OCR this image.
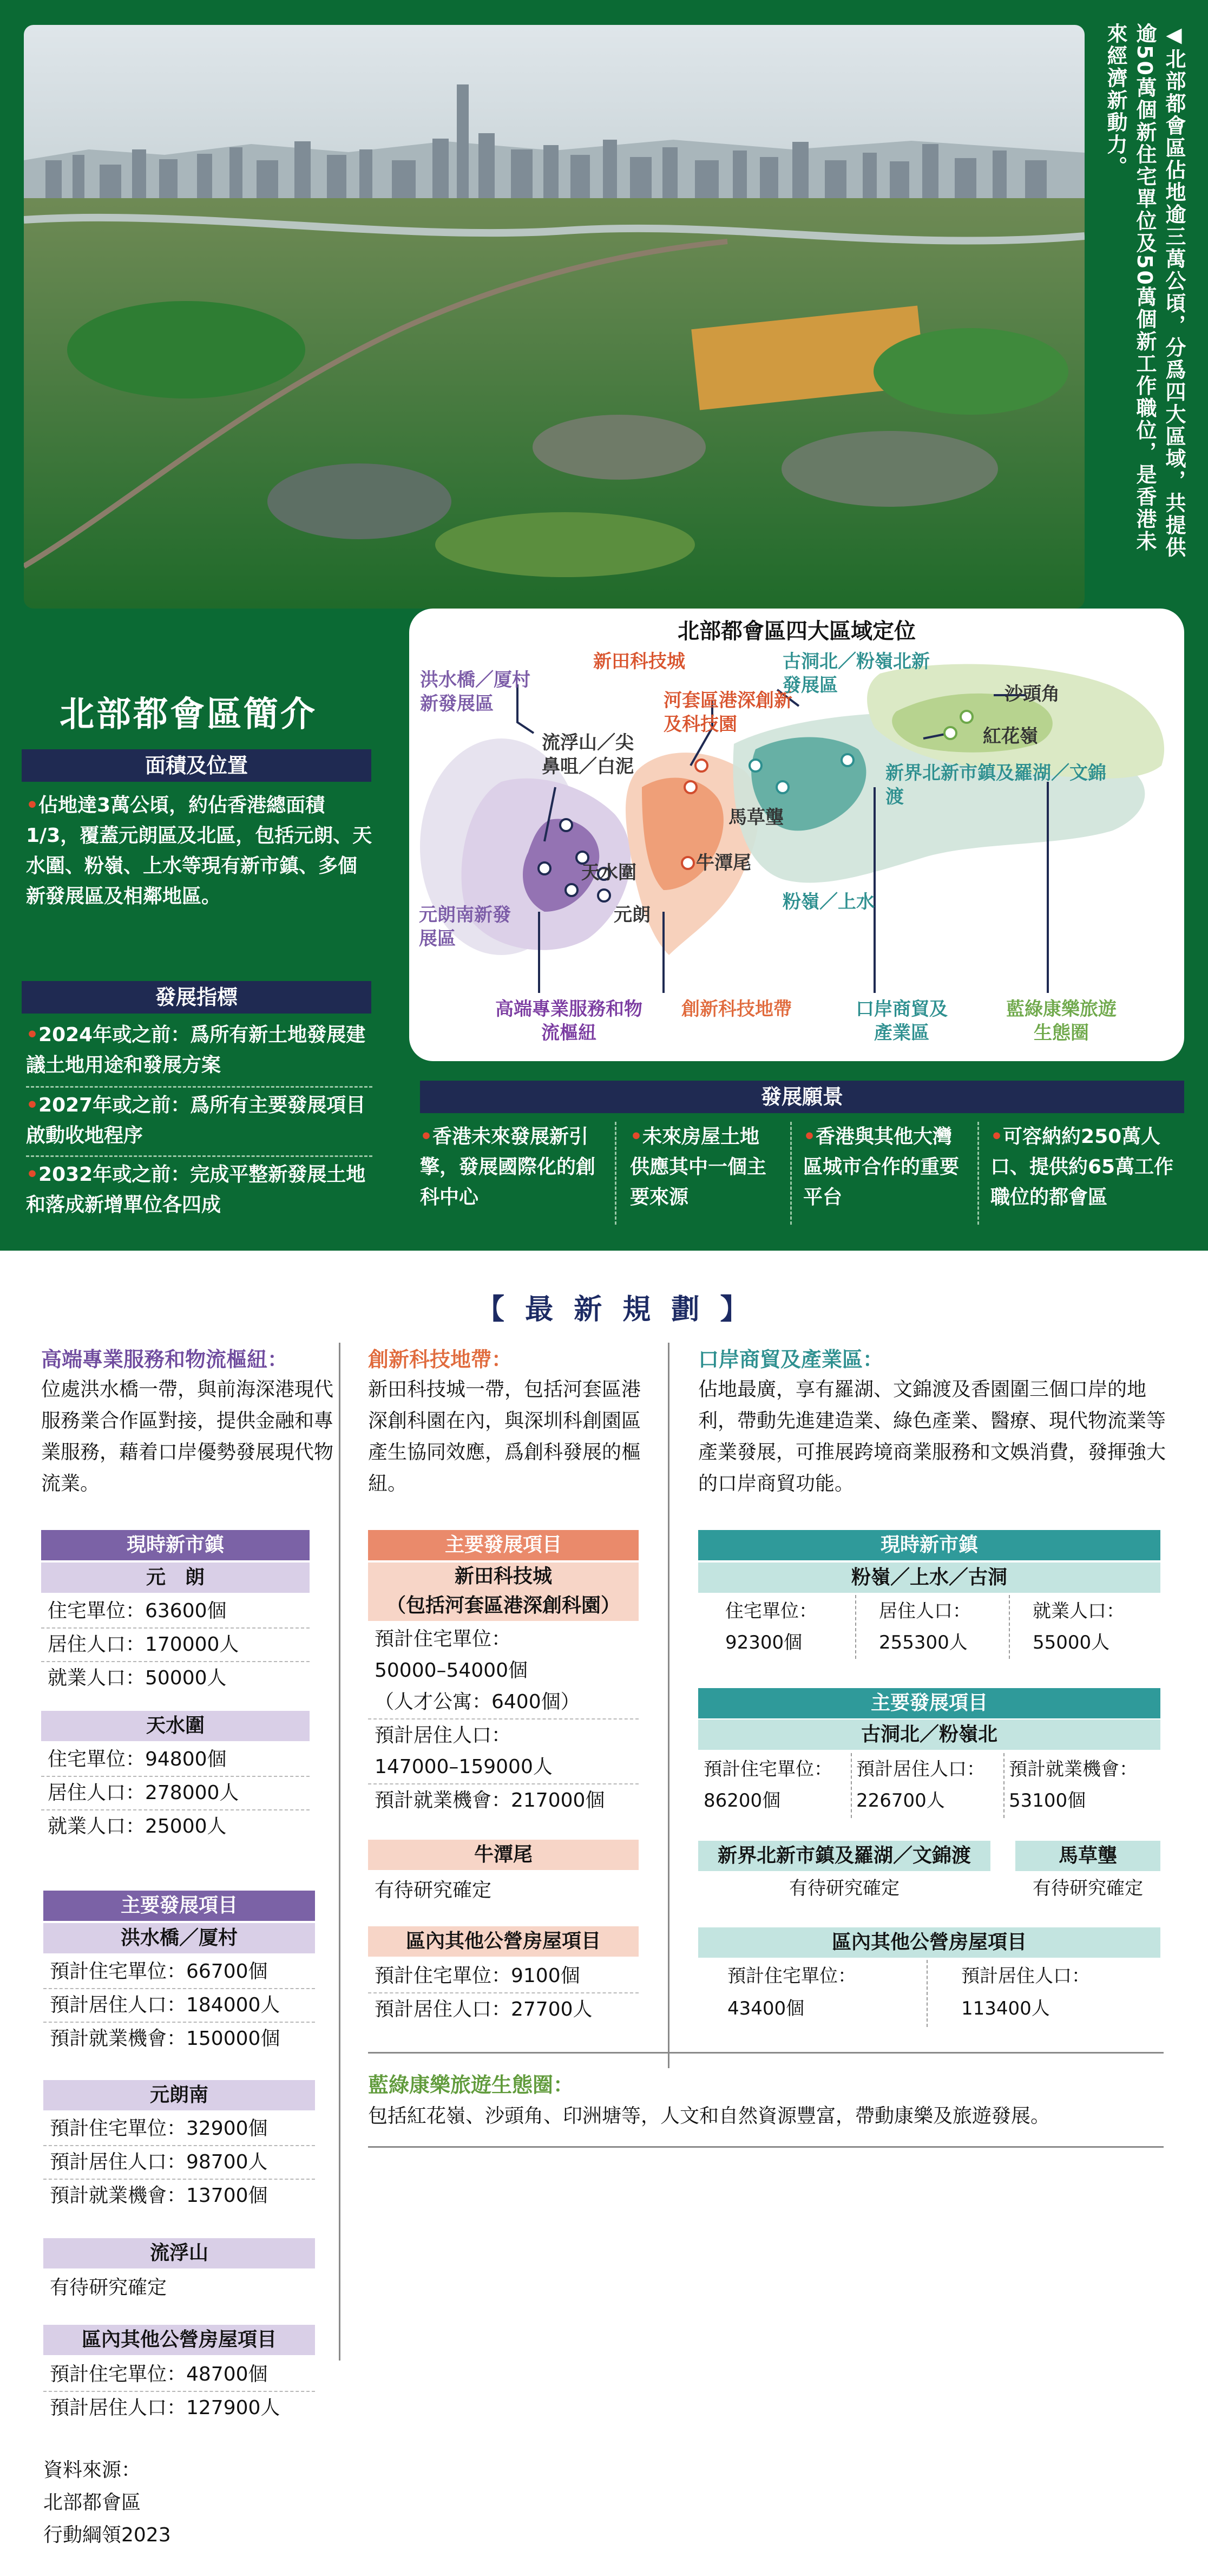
◀北部都會區佔地逾三萬公頃，分爲四大區域，共提供逾50萬個新住宅單位及50萬個新工作職位，是香港未來經濟新動力。
北部都會區簡介
面積及位置
•佔地達3萬公頃，約佔香港總面積1/3，覆蓋元朗區及北區，包括元朗、天水圍、粉嶺、上水等現有新市鎮、多個新發展區及相鄰地區。
發展指標
•2024年或之前：爲所有新土地發展建議土地用途和發展方案
•2027年或之前：爲所有主要發展項目啟動收地程序
•2032年或之前：完成平整新發展土地和落成新增單位各四成
北部都會區四大區域定位
洪水橋／厦村新發展區
新田科技城
河套區港深創新及科技園
古洞北／粉嶺北新發展區	沙頭角
紅花嶺
新界北新市鎮及羅湖／文錦渡
流浮山／尖鼻咀／白泥
天水圍
元朗
元朗南新發展區
馬草壟
牛潭尾
粉嶺／上水
高端專業服務和物流樞紐
創新科技地帶	口岸商貿及產業區
藍綠康樂旅遊生態圈
發展願景
•香港未來發展新引擎，發展國際化的創科中心
•未來房屋土地供應其中一個主要來源
•香港與其他大灣區城市合作的重要平台
•可容納約250萬人口、提供約65萬工作職位的都會區
【 最 新 規 劃 】
高端專業服務和物流樞紐：
位處洪水橋一帶，與前海深港現代服務業合作區對接，提供金融和專業服務，藉着口岸優勢發展現代物流業。
現時新市鎮
元　朗
住宅單位：63600個
居住人口：170000人
就業人口：50000人
天水圍
住宅單位：94800個
居住人口：278000人
就業人口：25000人
主要發展項目
洪水橋／厦村
預計住宅單位：66700個
預計居住人口：184000人
預計就業機會：150000個
元朗南
預計住宅單位：32900個
預計居住人口：98700人
預計就業機會：13700個
流浮山
有待研究確定
區內其他公營房屋項目
預計住宅單位：48700個
預計居住人口：127900人
資料來源：
北部都會區
行動綱領2023
創新科技地帶：
新田科技城一帶，包括河套區港深創科園在內，與深圳科創園區產生協同效應，爲創科發展的樞紐。
主要發展項目
新田科技城
（包括河套區港深創科園）
預計住宅單位：
50000–54000個
（人才公寓：6400個）
預計居住人口：
147000–159000人
預計就業機會：217000個
牛潭尾
有待研究確定
區內其他公營房屋項目
預計住宅單位：9100個
預計居住人口：27700人
口岸商貿及產業區：
佔地最廣，享有羅湖、文錦渡及香園圍三個口岸的地利，帶動先進建造業、綠色產業、醫療、現代物流業等產業發展，可推展跨境商業服務和文娛消費，發揮強大的口岸商貿功能。
現時新市鎮
粉嶺／上水／古洞
住宅單位：	居住人口：	就業人口：
92300個	255300人	55000人
主要發展項目
古洞北／粉嶺北
預計住宅單位： 預計居住人口： 預計就業機會：
86200個	226700人	53100個
新界北新市鎮及羅湖／文錦渡
有待研究確定
馬草壟
有待研究確定
區內其他公營房屋項目
預計住宅單位：	預計居住人口：
43400個	113400人
藍綠康樂旅遊生態圈：
包括紅花嶺、沙頭角、印洲塘等，人文和自然資源豐富，帶動康樂及旅遊發展。
